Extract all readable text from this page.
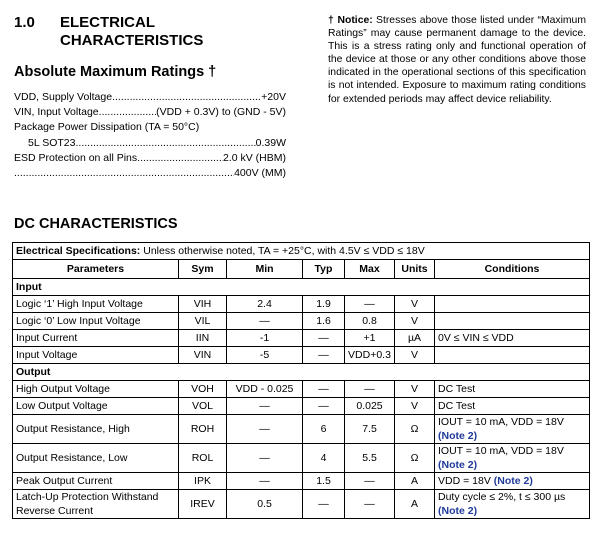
1.0 ELECTRICAL
CHARACTERISTICS
Absolute Maximum Ratings †
VDD, Supply Voltage .....	+20V
VIN, Input Voltage .....	(VDD + 0.3V) to (GND - 5V)
Package Power Dissipation (TA = 50°C)
5L SOT23 .....	0.39W
ESD Protection on all Pins .....	2.0 kV (HBM)
.....
400V (MM)
† Notice: Stresses above those listed under “Maximum Ratings” may cause permanent damage to the device. This is a stress rating only and functional operation of the device at those or any other conditions above those indicated in the operational sections of this specification is not intended. Exposure to maximum rating conditions for extended periods may affect device reliability.
DC CHARACTERISTICS
Electrical Specifications: Unless otherwise noted, TA = +25°C, with 4.5V ≤ VDD ≤ 18V						
Parameters	Sym	Min	Typ	Max	Units	Conditions
Input						
Logic ‘1’ High Input Voltage	VIH	2.4	1.9	—	V	
Logic ‘0’ Low Input Voltage	VIL	—	1.6	0.8	V	
Input Current	IIN	-1	—	+1	µA	0V ≤ VIN ≤ VDD
Input Voltage	VIN	-5	—	VDD+0.3	V	
Output						
High Output Voltage	VOH	VDD - 0.025	—	—	V	DC Test
Low Output Voltage	VOL	—	—	0.025	V	DC Test
Output Resistance, High	ROH	—	6	7.5	Ω	IOUT = 10 mA, VDD = 18V
(Note 2)

Output Resistance, Low	ROL	—	4	5.5	Ω	IOUT = 10 mA, VDD = 18V
(Note 2)

Peak Output Current	IPK	—	1.5	—	A	VDD = 18V (Note 2)
Latch-Up Protection Withstand Reverse Current	IREV	0.5	—	—	A	Duty cycle ≤ 2%, t ≤ 300 µs
(Note 2)
